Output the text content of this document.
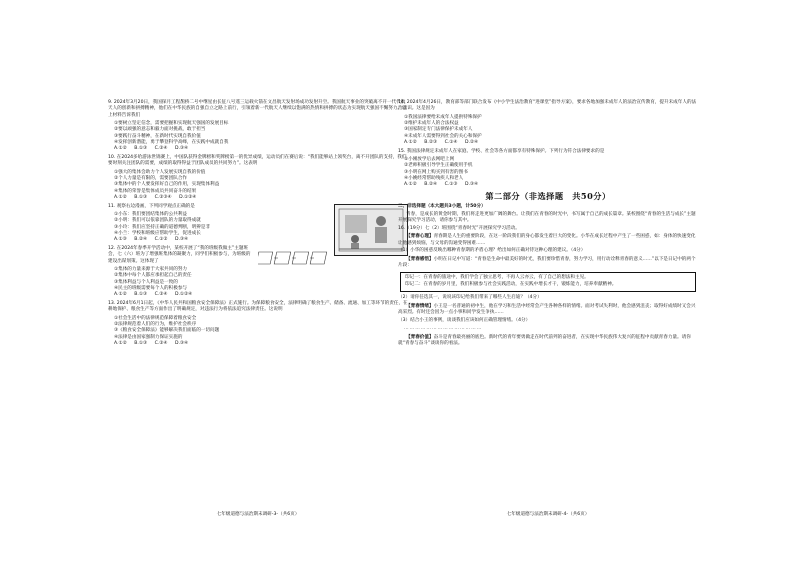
9. 2024年3月20日，我国探月工程鹊桥二号中继星由长征八号遥三运载火箭在文昌航天发射场成功发射升空。我国航天事业的突破离不开一代代航天人的创新和拼搏精神，他们在中华民族的自强自立之路上前行，引领着新一代航天人继续以饱满的热情和拼搏的状态为实现航天强国不懈努力。以上材料告诉我们

①要树立坚定信念，需要把握和实现航天强国的发展目标

②要以顽强的意志和毅力面对挑战，敢于担当

③要践行奋斗精神，在新时代实现自我价值

④发挥创新潜能，勇于攀登科学高峰，在实践中成就自我

A.①② B.①③ C.②④ D.③④

10. 在2024多哈游泳世锦赛上，中国队获得金牌榜和奖牌榜第一的优异成绩，运动员们在赛后说：“我们能够站上领奖台，离不开团队的支持，我们要时刻关注团队的需要，成绩的取得得益于团队成员的共同努力”。这表明

①强大的集体会助力个人发展实现自我的价值

②个人力量是有限的，需要团队合作

③集体中的个人要发挥好自己的作用，实现集体利益

④集体的荣誉是集体成员共同奋斗的结果

A.①② B.①③ C.②③④ D.①②④

11. 观察右边漫画，下列同学观点正确的是

①小东：我们要团结集体的公共利益

②小明：我们可以依靠团队的力量取得成就

③小玲：我们应坚持正确的道德判断，明辨是非

④小兰：学校和班级应帮助学生，促进成长

A.①③ B.②④ C.①② D.③④

12. 在2024年春季开学活动中，某校开展了“我的班级我做主”主题班会，七（六）班为了增强班集体的凝聚力，同学们积极参与，为班级的建设出谋划策。这体现了

①集体的力量来源于大家共同的努力

②集体中每个人都应承担起自己的责任

③集体利益与个人利益是一致的

④民主的班级需要每个人的积极参与

A.①② B.①③ C.②④ D.①②④

13. 2024年6月1日起，《中华人民共和国粮食安全保障法》正式施行。为保障粮食安全，法律明确了粮食生产、储备、流通、加工等环节的责任，在耕地保护、粮食生产等方面作出了明确规定，对违法行为将依法追究法律责任。这说明

①社会生活中的法律规范保障着粮食安全

②法律规范着人们的行为，维护社会秩序

③《粮食安全保障法》能够解决我们面临的一切问题

④法律是由国家强制力保证实施的

A.①② B.①③ C.②④ D.③④

14. 2024年4月26日，教育部等部门联合发布《中小学生法治教育“进课堂”指导方案》，要求各地加强未成年人的法治宣传教育，提升未成年人的法治意识。这是因为

①我国法律要给未成年人提供特殊保护

②维护未成年人的合法权益

③国家制定专门法律保护未成年人

④未成年人需要得到社会的关心和保护

A.①② B.②③ C.①④ D.②④

15. 我国法律规定未成年人在家庭、学校、社会等各方面都享有特殊保护。下列行为符合法律要求的是

①小刚放学后去网吧上网

②老师积极引导学生正确使用手机

③小明在网上购买到有害的图书

④小姚经常帮助残疾人和老人

A.①② B.②④ C.①③ D.③④

第二部分（非选择题　共50分）

二、非选择题（本大题共3小题，计50分）

青春，是成长的黄金时期，我们将走进更加广阔的舞台。让我们在青春的时光中，书写属于自己的成长篇章。某校围绕“青春的生活与成长”主题开展探究学习活动，请你参与其中。

16.（19分）七（2）班围绕“青春时光”开展探究学习活动。

【青春心理】青春期是人生的重要阶段，在这一阶段我们的身心都发生着巨大的变化。小华在成长过程中产生了一些困惑，如：身体的快速变化让他感到烦恼，与父母的沟通变得困难……

（1）小华的困惑反映出哪种青春期的矛盾心理？给出如何正确对待这种心理的建议。（4分）

【青春感悟】小明在日记中写道：“青春是生命中最美好的时光，我们要珍惜青春，努力学习，用行动诠释青春的意义……”以下是日记中的两个片段：

印记一：在青春的旅途中，我们学会了独立思考，不再人云亦云，有了自己的想法和主见。

印记二：在青春的岁月里，我们积极参与社会实践活动，在实践中增长才干，锻炼能力，培养奉献精神。

（2）请你任选其一，说说该印记给我们带来了哪些人生启迪？（4分）

【青春情绪】小王是一名普通的初中生，他在学习和生活中经常会产生各种各样的情绪。面对考试失利时，他会感到沮丧；取得好成绩时又会兴高采烈。有时还会因为一点小事和同学发生争执……

（3）结合小王的事例，谈谈我们应该如何正确管理情绪。（4分）

……………………………………

【青春价值】奋斗是青春最亮丽的底色。新时代的青年要勇做走在时代前列的奋进者，在实现中华民族伟大复兴的征程中贡献青春力量。请你就“青春与奋斗”谈谈你的看法。

七年级道德与法治期末调研-3-（共6页）	七年级道德与法治期末调研-4-（共6页）
